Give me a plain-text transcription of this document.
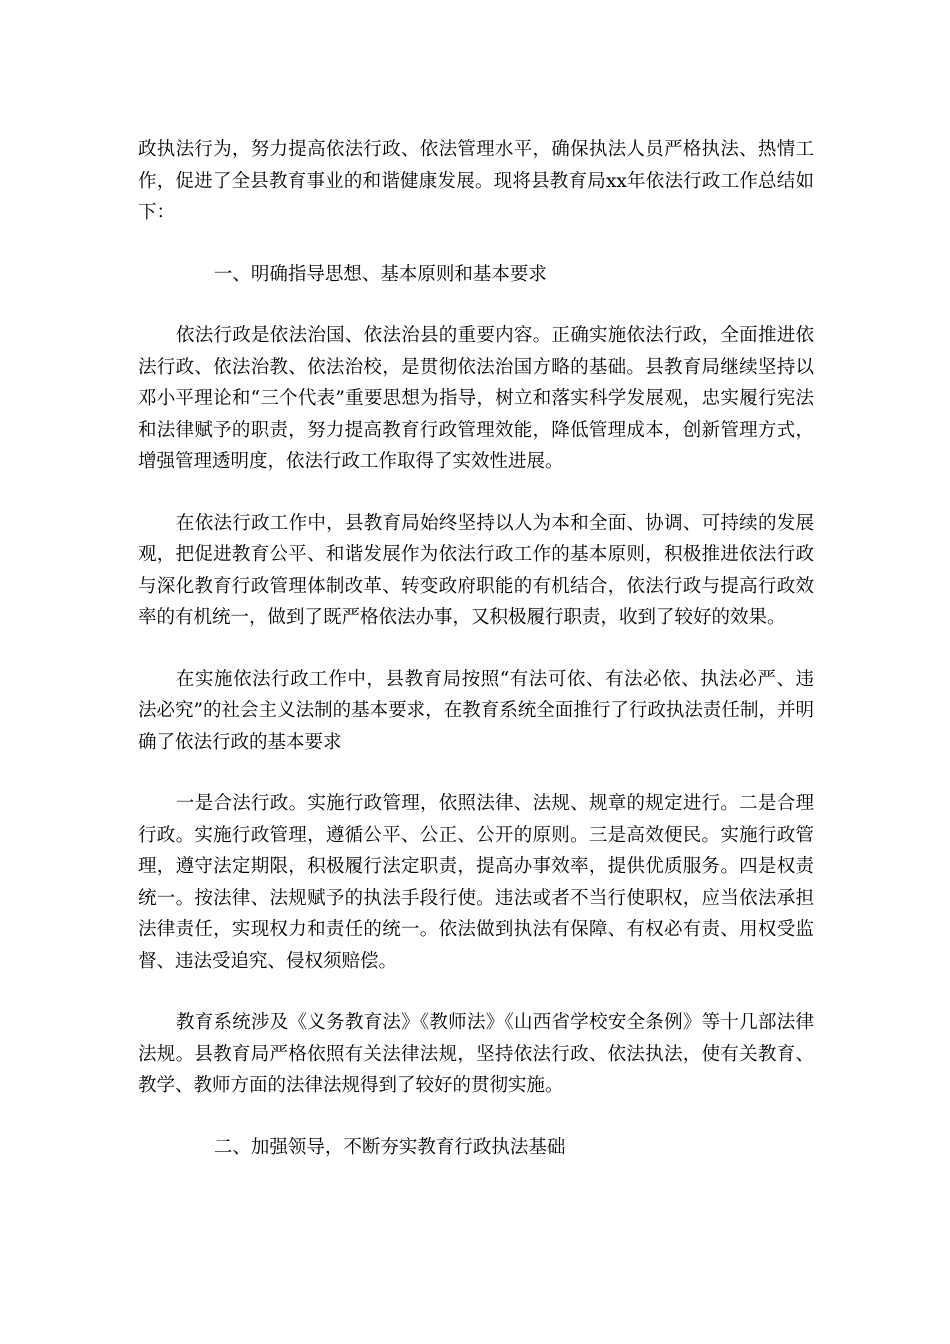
政执法行为，努力提高依法行政、依法管理水平，确保执法人员严格执法、热情工作，促进了全县教育事业的和谐健康发展。现将县教育局xx年依法行政工作总结如下：

一、明确指导思想、基本原则和基本要求

依法行政是依法治国、依法治县的重要内容。正确实施依法行政，全面推进依法行政、依法治教、依法治校，是贯彻依法治国方略的基础。县教育局继续坚持以邓小平理论和“三个代表”重要思想为指导，树立和落实科学发展观，忠实履行宪法和法律赋予的职责，努力提高教育行政管理效能，降低管理成本，创新管理方式，增强管理透明度，依法行政工作取得了实效性进展。

在依法行政工作中，县教育局始终坚持以人为本和全面、协调、可持续的发展观，把促进教育公平、和谐发展作为依法行政工作的基本原则，积极推进依法行政与深化教育行政管理体制改革、转变政府职能的有机结合，依法行政与提高行政效率的有机统一，做到了既严格依法办事，又积极履行职责，收到了较好的效果。

在实施依法行政工作中，县教育局按照“有法可依、有法必依、执法必严、违法必究”的社会主义法制的基本要求，在教育系统全面推行了行政执法责任制，并明确了依法行政的基本要求

一是合法行政。实施行政管理，依照法律、法规、规章的规定进行。二是合理行政。实施行政管理，遵循公平、公正、公开的原则。三是高效便民。实施行政管理，遵守法定期限，积极履行法定职责，提高办事效率，提供优质服务。四是权责统一。按法律、法规赋予的执法手段行使。违法或者不当行使职权，应当依法承担法律责任，实现权力和责任的统一。依法做到执法有保障、有权必有责、用权受监督、违法受追究、侵权须赔偿。

教育系统涉及《义务教育法》《教师法》《山西省学校安全条例》等十几部法律法规。县教育局严格依照有关法律法规，坚持依法行政、依法执法，使有关教育、教学、教师方面的法律法规得到了较好的贯彻实施。

二、加强领导，不断夯实教育行政执法基础
